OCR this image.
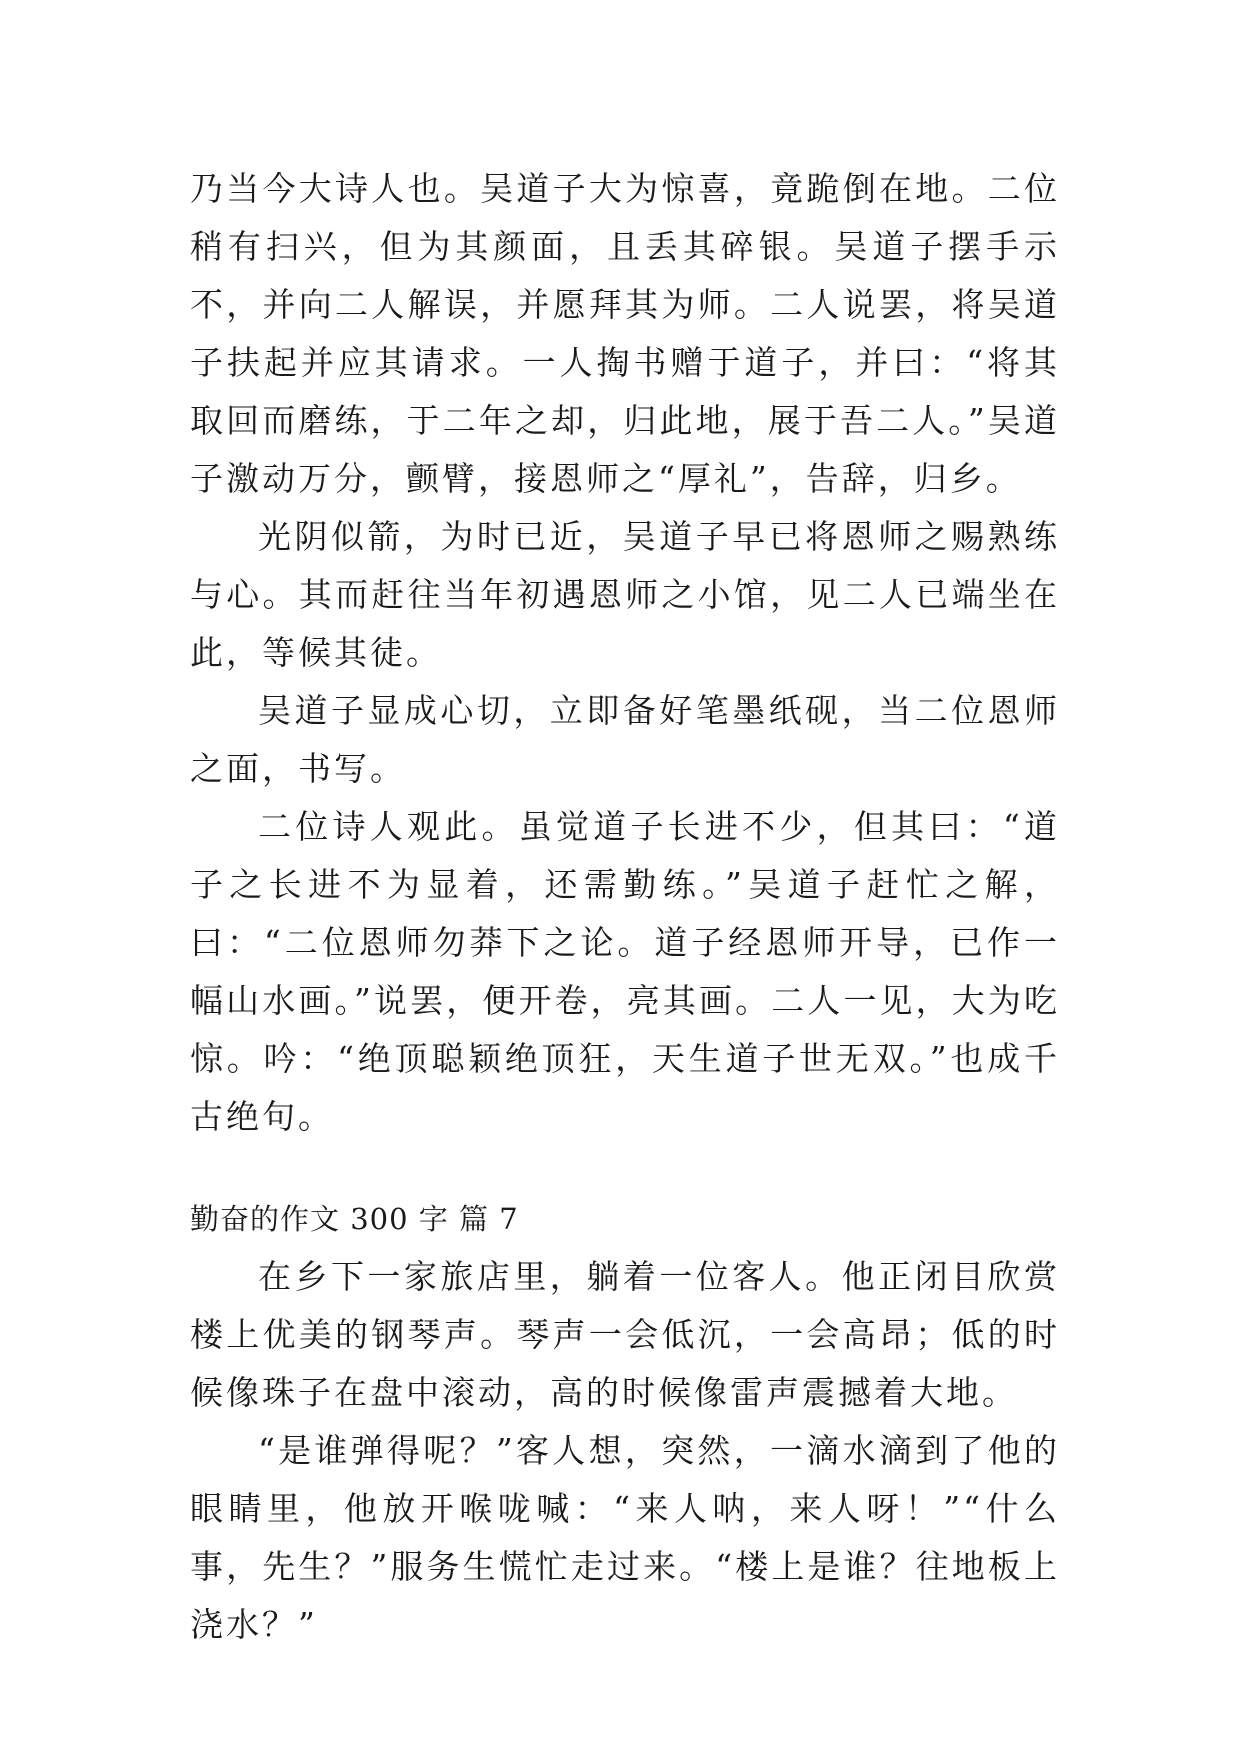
乃当今大诗人也。吴道子大为惊喜，竟跪倒在地。二位稍有扫兴，但为其颜面，且丢其碎银。吴道子摆手示不，并向二人解误，并愿拜其为师。二人说罢，将吴道子扶起并应其请求。一人掏书赠于道子，并曰：“将其取回而磨练，于二年之却，归此地，展于吾二人。”吴道子激动万分，颤臂，接恩师之“厚礼”，告辞，归乡。

光阴似箭，为时已近，吴道子早已将恩师之赐熟练与心。其而赶往当年初遇恩师之小馆，见二人已端坐在此，等候其徒。

吴道子显成心切，立即备好笔墨纸砚，当二位恩师之面，书写。

二位诗人观此。虽觉道子长进不少，但其曰：“道子之长进不为显着，还需勤练。”吴道子赶忙之解，曰：“二位恩师勿莽下之论。道子经恩师开导，已作一幅山水画。”说罢，便开卷，亮其画。二人一见，大为吃惊。吟：“绝顶聪颖绝顶狂，天生道子世无双。”也成千古绝句。

勤奋的作文 300 字 篇 7

在乡下一家旅店里，躺着一位客人。他正闭目欣赏楼上优美的钢琴声。琴声一会低沉，一会高昂；低的时候像珠子在盘中滚动，高的时候像雷声震撼着大地。

“是谁弹得呢？”客人想，突然，一滴水滴到了他的眼睛里，他放开喉咙喊：“来人呐，来人呀！”“什么事，先生？”服务生慌忙走过来。“楼上是谁？往地板上浇水？”
